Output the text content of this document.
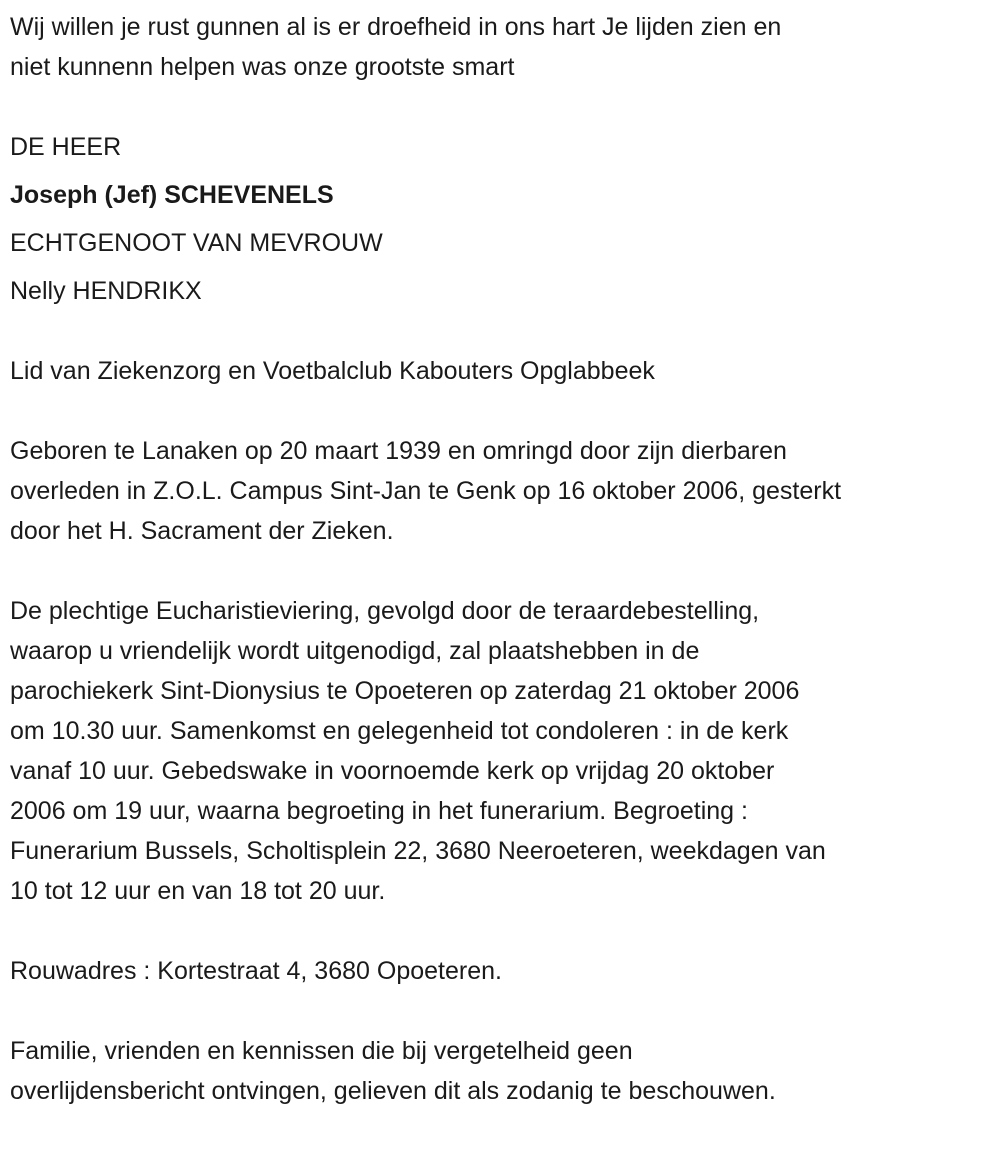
Wij willen je rust gunnen al is er droefheid in ons hart Je lijden zien en
niet kunnenn helpen was onze grootste smart
DE HEER
Joseph (Jef) SCHEVENELS
ECHTGENOOT VAN MEVROUW
Nelly HENDRIKX
Lid van Ziekenzorg en Voetbalclub Kabouters Opglabbeek
Geboren te Lanaken op 20 maart 1939 en omringd door zijn dierbaren
overleden in Z.O.L. Campus Sint-Jan te Genk op 16 oktober 2006, gesterkt
door het H. Sacrament der Zieken.
De plechtige Eucharistieviering, gevolgd door de teraardebestelling,
waarop u vriendelijk wordt uitgenodigd, zal plaatshebben in de
parochiekerk Sint-Dionysius te Opoeteren op zaterdag 21 oktober 2006
om 10.30 uur. Samenkomst en gelegenheid tot condoleren : in de kerk
vanaf 10 uur. Gebedswake in voornoemde kerk op vrijdag 20 oktober
2006 om 19 uur, waarna begroeting in het funerarium. Begroeting :
Funerarium Bussels, Scholtisplein 22, 3680 Neeroeteren, weekdagen van
10 tot 12 uur en van 18 tot 20 uur.
Rouwadres : Kortestraat 4, 3680 Opoeteren.
Familie, vrienden en kennissen die bij vergetelheid geen
overlijdensbericht ontvingen, gelieven dit als zodanig te beschouwen.
